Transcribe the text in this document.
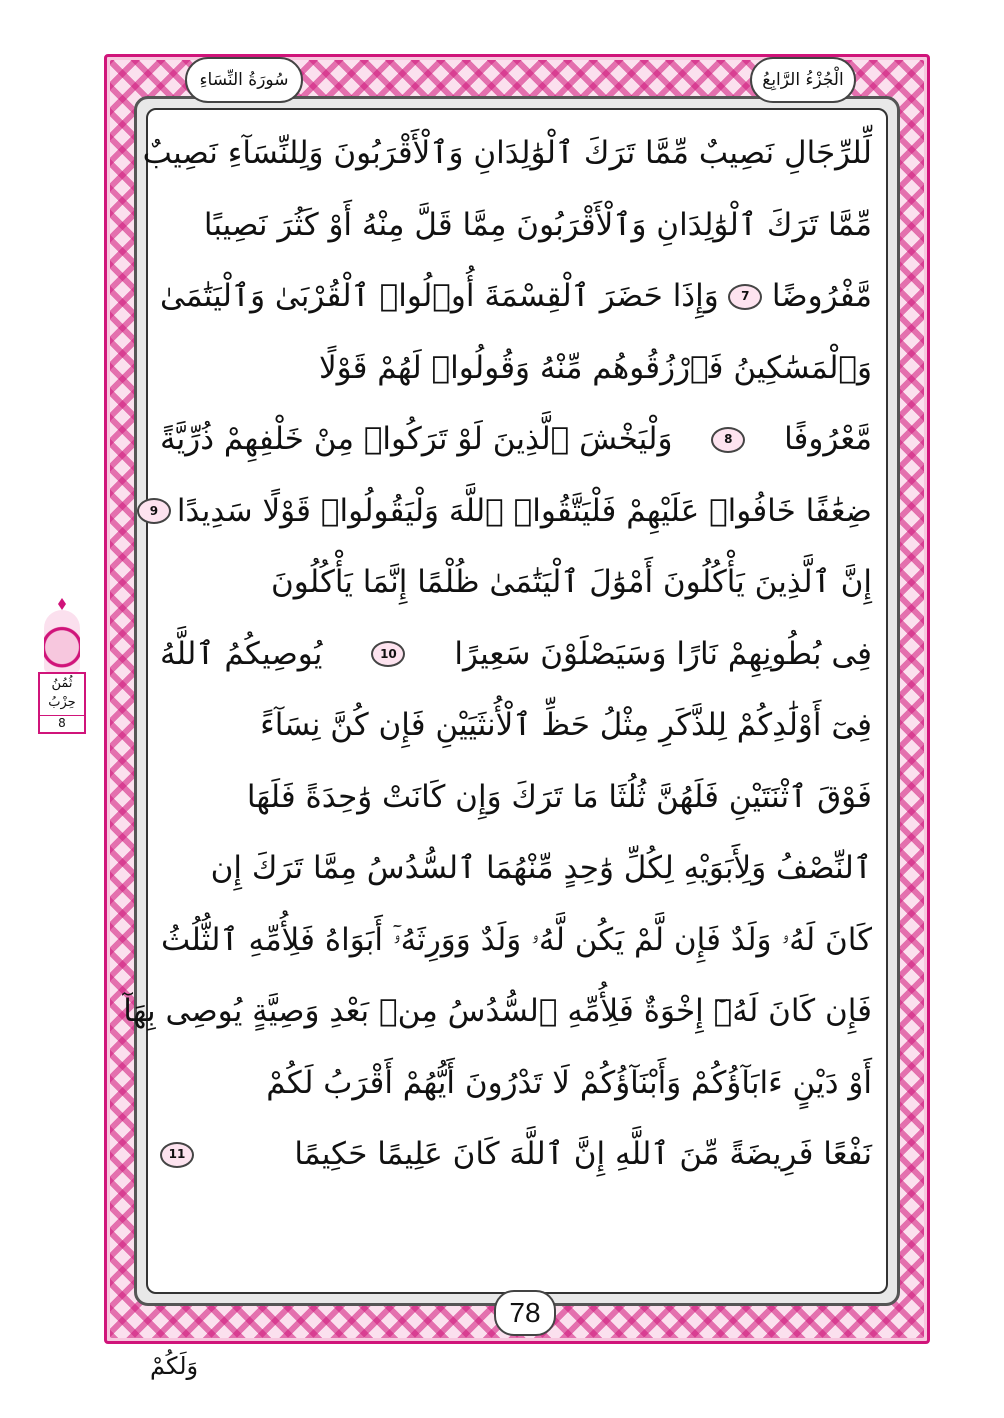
سُورَةُ النِّسَاءِ	الْجُزْءُ الرَّابِعُ
لِّلرِّجَالِ نَصِيبٌ مِّمَّا تَرَكَ ٱلْوَٰلِدَانِ وَٱلْأَقْرَبُونَ وَلِلنِّسَآءِ نَصِيبٌ
مِّمَّا تَرَكَ ٱلْوَٰلِدَانِ وَٱلْأَقْرَبُونَ مِمَّا قَلَّ مِنْهُ أَوْ كَثُرَ نَصِيبًا
مَّفْرُوضًا
7
وَإِذَا حَضَرَ ٱلْقِسْمَةَ أُو۟لُوا۟ ٱلْقُرْبَىٰ وَٱلْيَتَٰمَىٰ
وَٱلْمَسَٰكِينُ فَٱرْزُقُوهُم مِّنْهُ وَقُولُوا۟ لَهُمْ قَوْلًا
مَّعْرُوفًا
8
وَلْيَخْشَ ٱلَّذِينَ لَوْ تَرَكُوا۟ مِنْ خَلْفِهِمْ ذُرِّيَّةً
ضِعَٰفًا خَافُوا۟ عَلَيْهِمْ فَلْيَتَّقُوا۟ ٱللَّهَ وَلْيَقُولُوا۟ قَوْلًا سَدِيدًا
9
إِنَّ ٱلَّذِينَ يَأْكُلُونَ أَمْوَٰلَ ٱلْيَتَٰمَىٰ ظُلْمًا إِنَّمَا يَأْكُلُونَ
فِى بُطُونِهِمْ نَارًا وَسَيَصْلَوْنَ سَعِيرًا
10
يُوصِيكُمُ ٱللَّهُ
فِىٓ أَوْلَٰدِكُمْ لِلذَّكَرِ مِثْلُ حَظِّ ٱلْأُنثَيَيْنِ فَإِن كُنَّ نِسَآءً
فَوْقَ ٱثْنَتَيْنِ فَلَهُنَّ ثُلُثَا مَا تَرَكَ وَإِن كَانَتْ وَٰحِدَةً فَلَهَا
ٱلنِّصْفُ وَلِأَبَوَيْهِ لِكُلِّ وَٰحِدٍ مِّنْهُمَا ٱلسُّدُسُ مِمَّا تَرَكَ إِن
كَانَ لَهُۥ وَلَدٌ فَإِن لَّمْ يَكُن لَّهُۥ وَلَدٌ وَوَرِثَهُۥٓ أَبَوَاهُ فَلِأُمِّهِ ٱلثُّلُثُ
فَإِن كَانَ لَهُۥٓ إِخْوَةٌ فَلِأُمِّهِ ٱلسُّدُسُ مِنۢ بَعْدِ وَصِيَّةٍ يُوصِى بِهَآ
أَوْ دَيْنٍ ءَابَآؤُكُمْ وَأَبْنَآؤُكُمْ لَا تَدْرُونَ أَيُّهُمْ أَقْرَبُ لَكُمْ
نَفْعًا فَرِيضَةً مِّنَ ٱللَّهِ إِنَّ ٱللَّهَ كَانَ عَلِيمًا حَكِيمًا
11
78
وَلَكُمْ
ثُمُنُ
حِزْبُ
8
